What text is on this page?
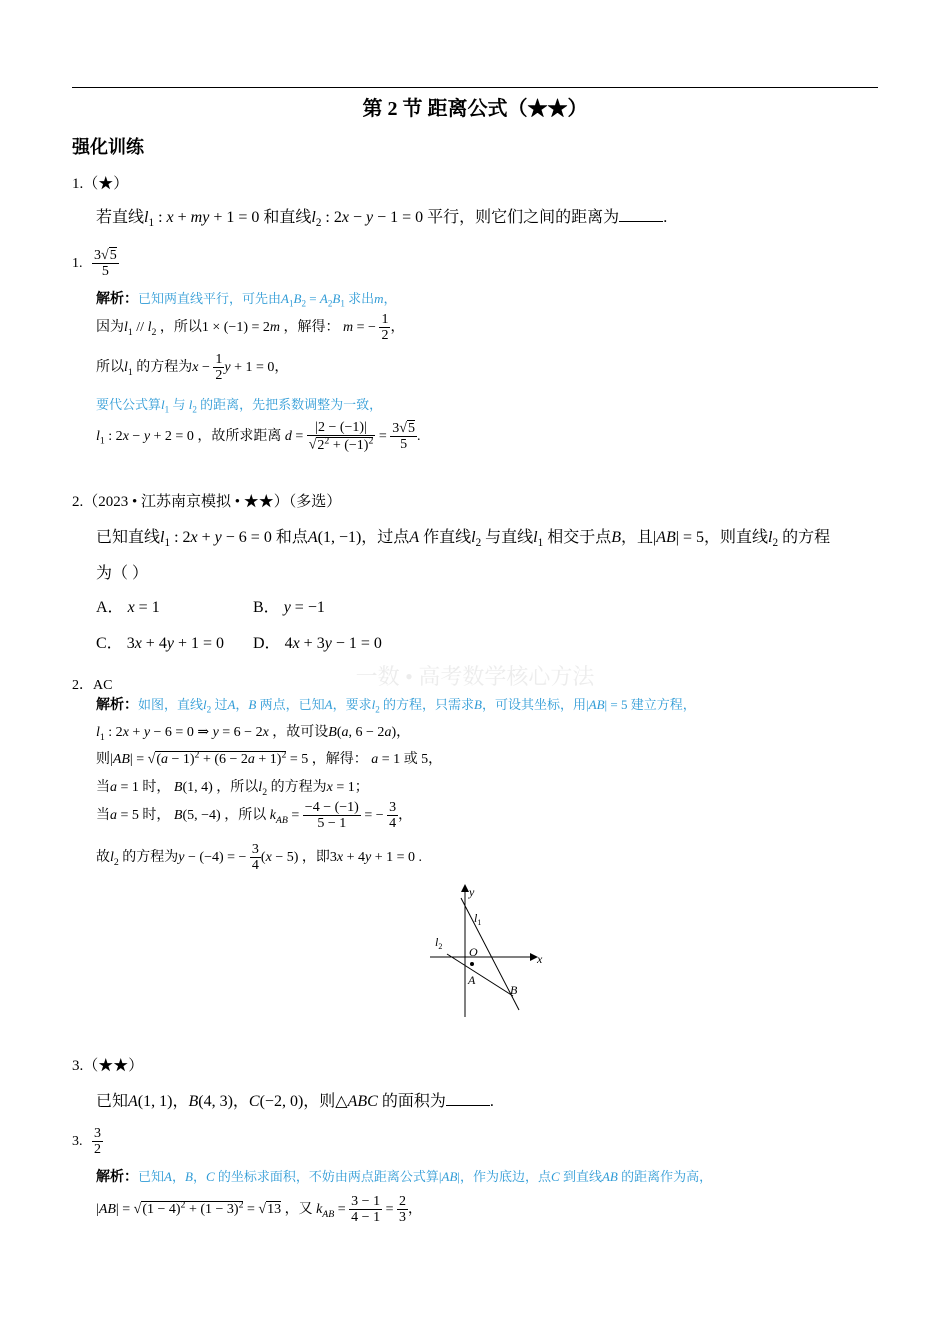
第 2 节 距离公式（★★）
强化训练
一数 • 高考数学核心方法
1.（★）
若直线$l_1$ : x + my + 1 = 0 和直线$l_2$ : 2x − y − 1 = 0 平行，则它们之间的距离为	.
1. $\frac{3√5}{5}$
解析：已知两直线平行，可先由$A_1B_2 = A_2B_1$ 求出m，
因为$l_1 // l_2$ ，所以1 × (−1) = 2m ，解得： m = − $\frac{1}{2}$ ，
所以$l_1$ 的方程为$x - \frac{1}{2}$ y + 1 = 0，
要代公式算$l_1$ 与 $l_2$ 的距离，先把系数调整为一致，
$l_1$ : 2x − y + 2 = 0 ，故所求距离 $d = \frac{|2 - (-1)|}{√2^2 + (-1)^2} = \frac{3√5}{5}$ .
2.（2023 • 江苏南京模拟 • ★★）（多选）
已知直线$l_1$ : 2x + y − 6 = 0 和点A(1, −1)，过点A 作直线$l_2$ 与直线$l_1$ 相交于点B，且|AB| = 5，则直线$l_2$ 的方程
为（ ）
A． x = 1	B． y = −1
C． 3x + 4y + 1 = 0 D． 4x + 3y − 1 = 0
2．AC
解析：如图，直线$l_2$ 过A，B 两点，已知A，要求$l_2$ 的方程，只需求B，可设其坐标，用|AB| = 5 建立方程，
$l_1$ : 2x + y − 6 = 0 ⇒ y = 6 − 2x ，故可设B(a, 6 − 2a)，
则$|AB| = √(a - 1)^2 + (6 - 2a + 1)^2 = 5$ ，解得： a = 1 或 5，
当a = 1 时， B(1, 4) ，所以$l_2$ 的方程为x = 1；
当a = 5 时， B(5, −4) ，所以 $k_{AB} = \frac{-4 - (-1)}{5 - 1}$ = − $\frac{3}{4}$ ，
故$l_2$ 的方程为y − (−4) = − $\frac{3}{4} (x - 5)$ ，即3x + 4y + 1 = 0 .
y
x
O
A
B
$l_1$
$l_2$
3.（★★）
已知A(1, 1)，B(4, 3)，C(−2, 0)，则△ABC 的面积为	.
3. $\frac{3}{2}$
解析：已知A，B，C 的坐标求面积，不妨由两点距离公式算|AB|，作为底边，点C 到直线AB 的距离作为高，
$|AB| = √(1 - 4)^2 + (1 - 3)^2 = √13$ ，又 $k_{AB} = \frac{3 - 1}{4 - 1} = \frac{2}{3}$ ，
